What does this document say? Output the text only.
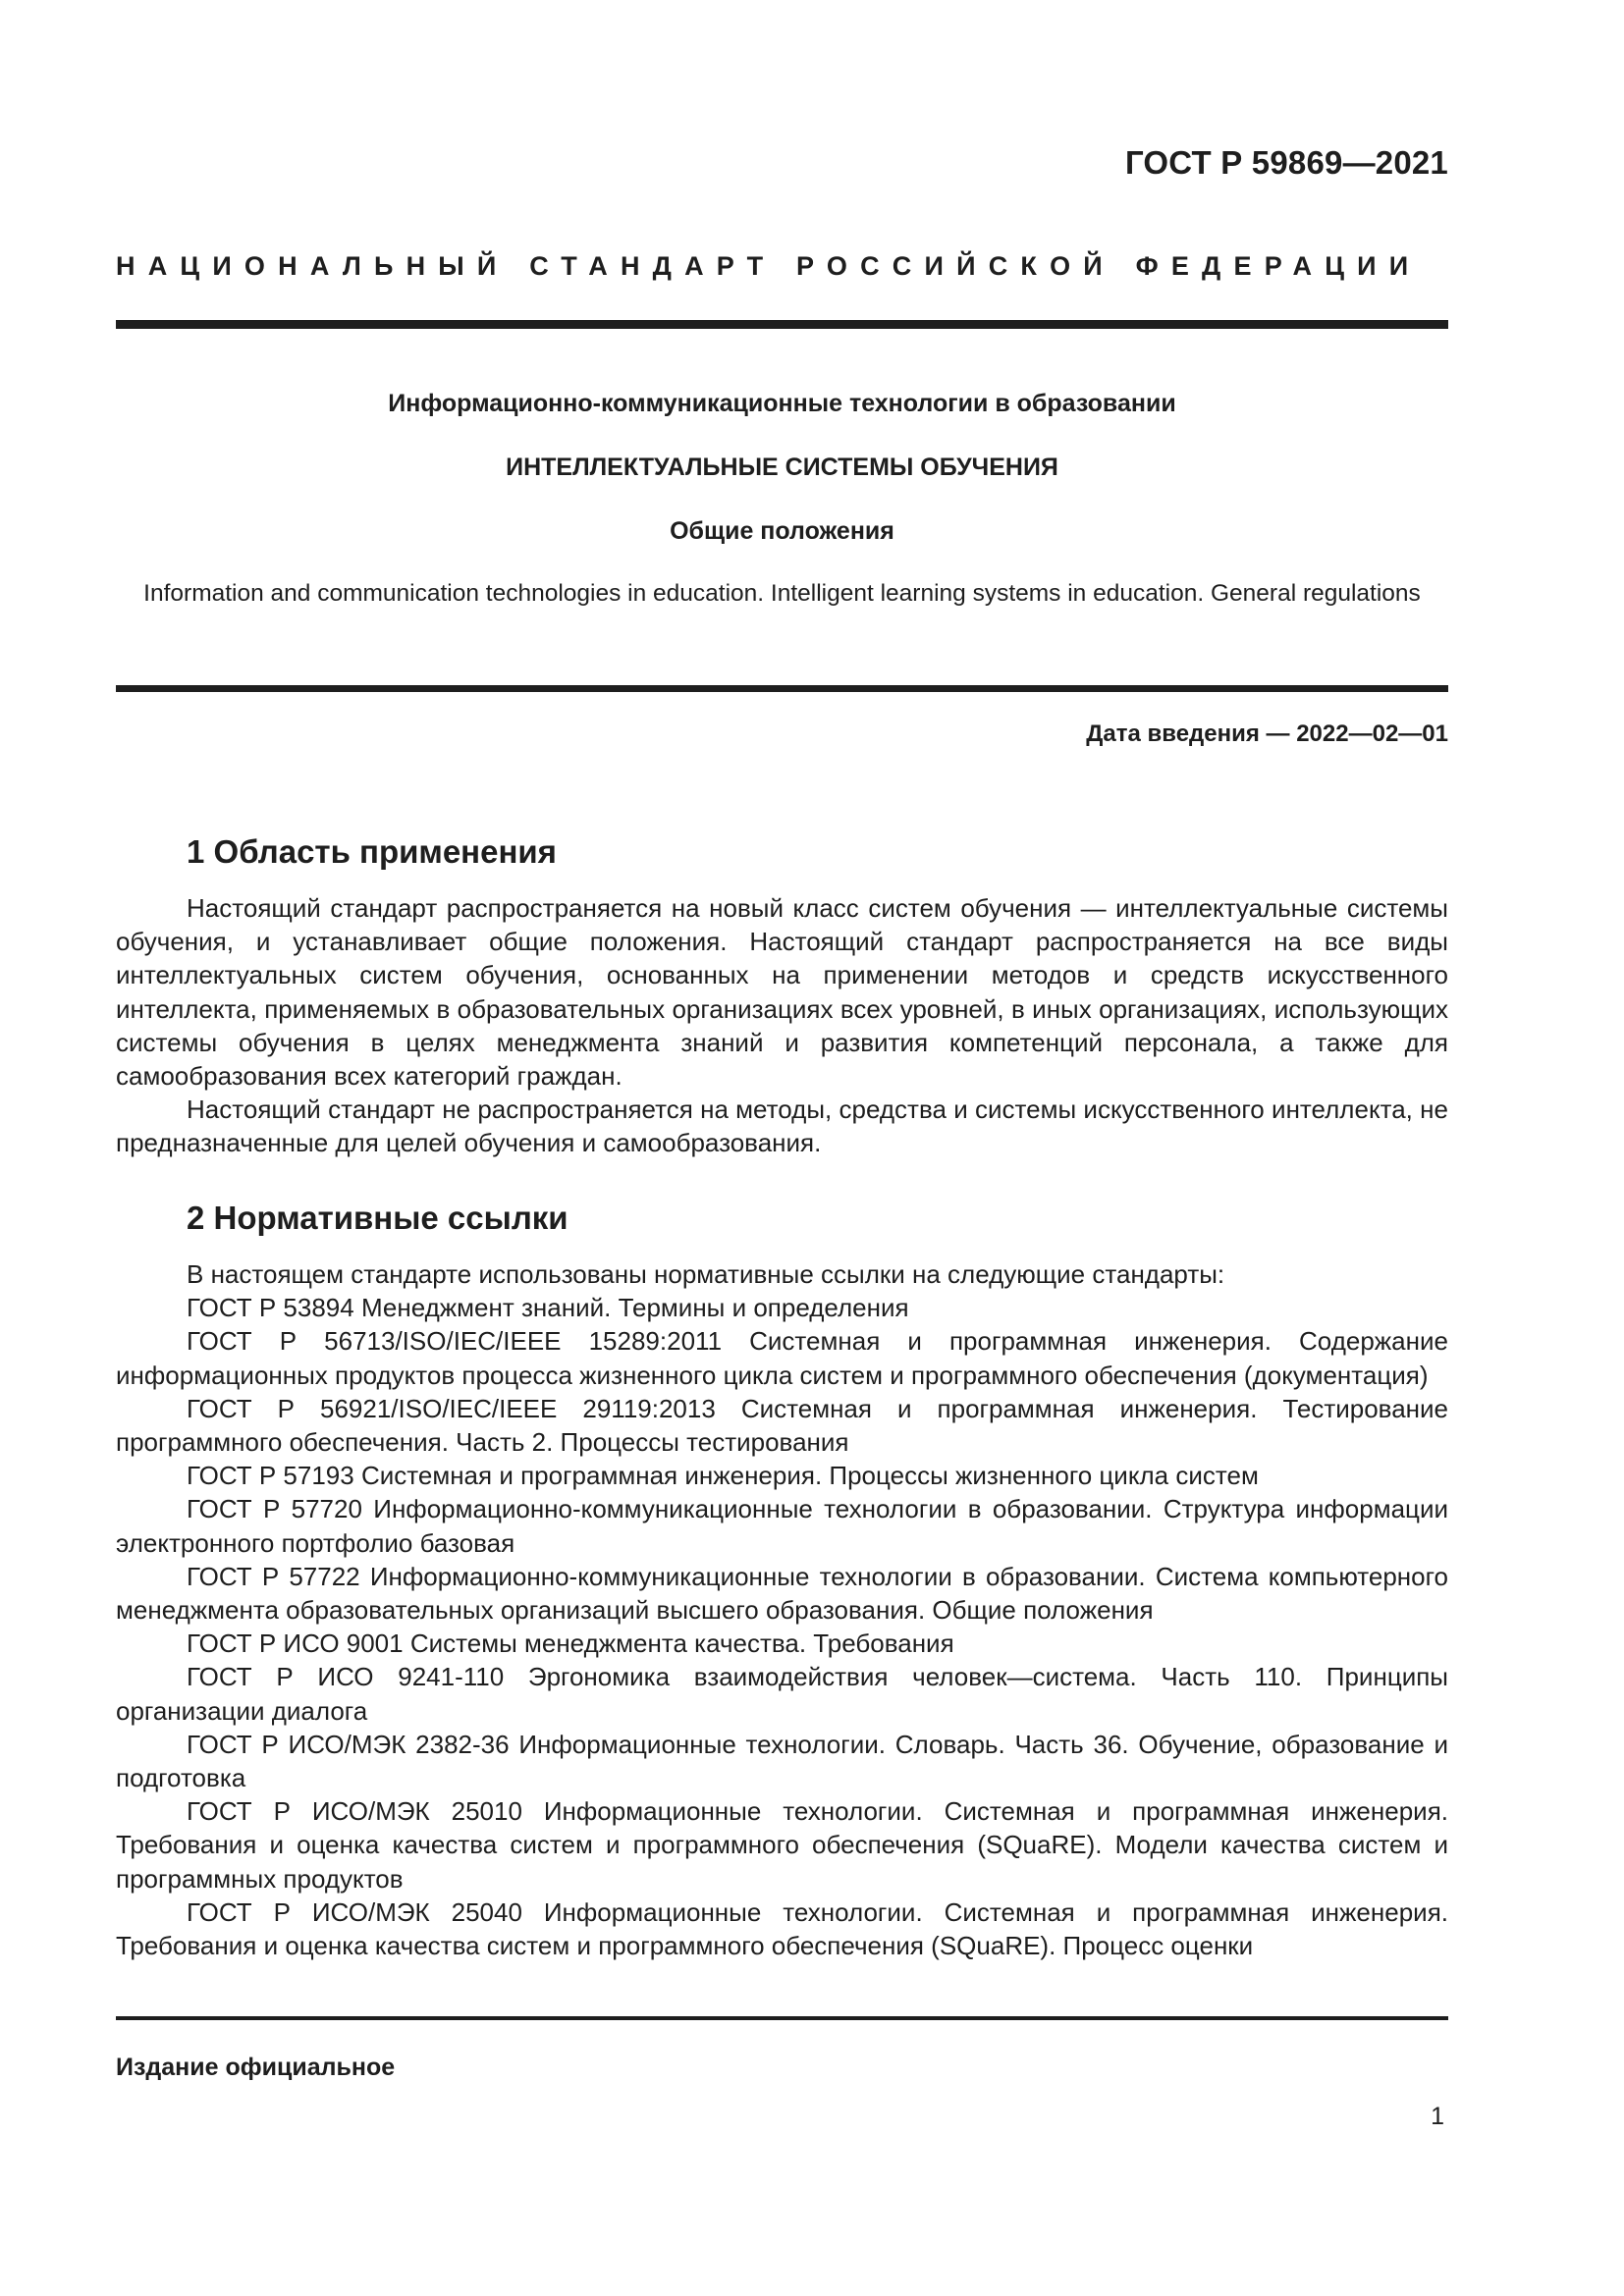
ГОСТ Р 59869—2021
НАЦИОНАЛЬНЫЙ СТАНДАРТ РОССИЙСКОЙ ФЕДЕРАЦИИ
Информационно-коммуникационные технологии в образовании
ИНТЕЛЛЕКТУАЛЬНЫЕ СИСТЕМЫ ОБУЧЕНИЯ
Общие положения
Information and communication technologies in education. Intelligent learning systems in education. General regulations
Дата введения — 2022—02—01
1 Область применения

Настоящий стандарт распространяется на новый класс систем обучения — интеллектуальные системы обучения, и устанавливает общие положения. Настоящий стандарт распространяется на все виды интеллектуальных систем обучения, основанных на применении методов и средств искусственного интеллекта, применяемых в образовательных организациях всех уровней, в иных организациях, использующих системы обучения в целях менеджмента знаний и развития компетенций персонала, а также для самообразования всех категорий граждан.

Настоящий стандарт не распространяется на методы, средства и системы искусственного интеллекта, не предназначенные для целей обучения и самообразования.

2 Нормативные ссылки

В настоящем стандарте использованы нормативные ссылки на следующие стандарты:

ГОСТ Р 53894 Менеджмент знаний. Термины и определения

ГОСТ Р 56713/ISO/IEC/IEEE 15289:2011 Системная и программная инженерия. Содержание информационных продуктов процесса жизненного цикла систем и программного обеспечения (документация)

ГОСТ Р 56921/ISO/IEC/IEEE 29119:2013 Системная и программная инженерия. Тестирование программного обеспечения. Часть 2. Процессы тестирования

ГОСТ Р 57193 Системная и программная инженерия. Процессы жизненного цикла систем

ГОСТ Р 57720 Информационно-коммуникационные технологии в образовании. Структура информации электронного портфолио базовая

ГОСТ Р 57722 Информационно-коммуникационные технологии в образовании. Система компьютерного менеджмента образовательных организаций высшего образования. Общие положения

ГОСТ Р ИСО 9001 Системы менеджмента качества. Требования

ГОСТ Р ИСО 9241-110 Эргономика взаимодействия человек—система. Часть 110. Принципы организации диалога

ГОСТ Р ИСО/МЭК 2382-36 Информационные технологии. Словарь. Часть 36. Обучение, образование и подготовка

ГОСТ Р ИСО/МЭК 25010 Информационные технологии. Системная и программная инженерия. Требования и оценка качества систем и программного обеспечения (SQuaRE). Модели качества систем и программных продуктов

ГОСТ Р ИСО/МЭК 25040 Информационные технологии. Системная и программная инженерия. Требования и оценка качества систем и программного обеспечения (SQuaRE). Процесс оценки

Издание официальное
1
